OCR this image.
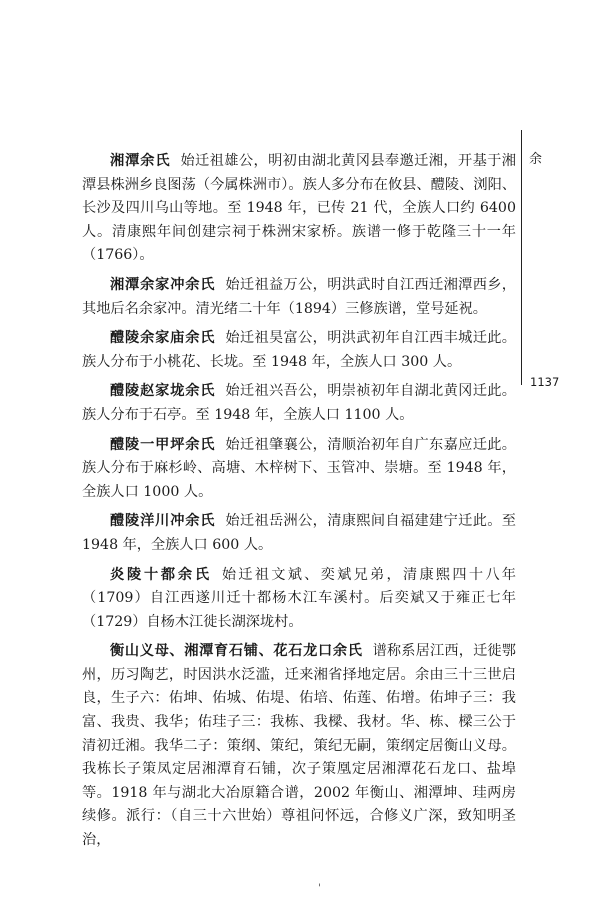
余
1137

湘潭余氏 始迁祖雄公，明初由湖北黄冈县奉邀迁湘，开基于湘潭县株洲乡良图荡（今属株洲市）。族人多分布在攸县、醴陵、浏阳、长沙及四川乌山等地。至 1948 年，已传 21 代，全族人口约 6400 人。清康熙年间创建宗祠于株洲宋家桥。族谱一修于乾隆三十一年（1766）。

湘潭余家冲余氏 始迁祖益万公，明洪武时自江西迁湘潭西乡，其地后名余家冲。清光绪二十年（1894）三修族谱，堂号延祝。

醴陵余家庙余氏 始迁祖昊富公，明洪武初年自江西丰城迁此。族人分布于小桃花、长垅。至 1948 年，全族人口 300 人。

醴陵赵家垅余氏 始迁祖兴吾公，明崇祯初年自湖北黄冈迁此。族人分布于石亭。至 1948 年，全族人口 1100 人。

醴陵一甲坪余氏 始迁祖肇襄公，清顺治初年自广东嘉应迁此。族人分布于麻杉岭、高塘、木梓树下、玉管冲、崇塘。至 1948 年，全族人口 1000 人。

醴陵洋川冲余氏 始迁祖岳洲公，清康熙间自福建建宁迁此。至 1948 年，全族人口 600 人。

炎陵十都余氏 始迁祖文斌、奕斌兄弟，清康熙四十八年（1709）自江西遂川迁十都杨木江车溪村。后奕斌又于雍正七年（1729）自杨木江徙长湖深垅村。

衡山义母、湘潭育石铺、花石龙口余氏 谱称系居江西，迁徙鄂州，历习陶艺，时因洪水泛滥，迁来湘省择地定居。余由三十三世启良，生子六：佑坤、佑城、佑堤、佑培、佑莲、佑增。佑坤子三：我富、我贵、我华；佑珪子三：我栋、我樑、我材。华、栋、樑三公于清初迁湘。我华二子：策纲、策纪，策纪无嗣，策纲定居衡山义母。我栋长子策凤定居湘潭育石铺，次子策凰定居湘潭花石龙口、盐埠等。1918 年与湖北大冶原籍合谱，2002 年衡山、湘潭坤、珪两房续修。派行：（自三十六世始）尊祖问怀远，合修义广深，致知明圣治，

'
